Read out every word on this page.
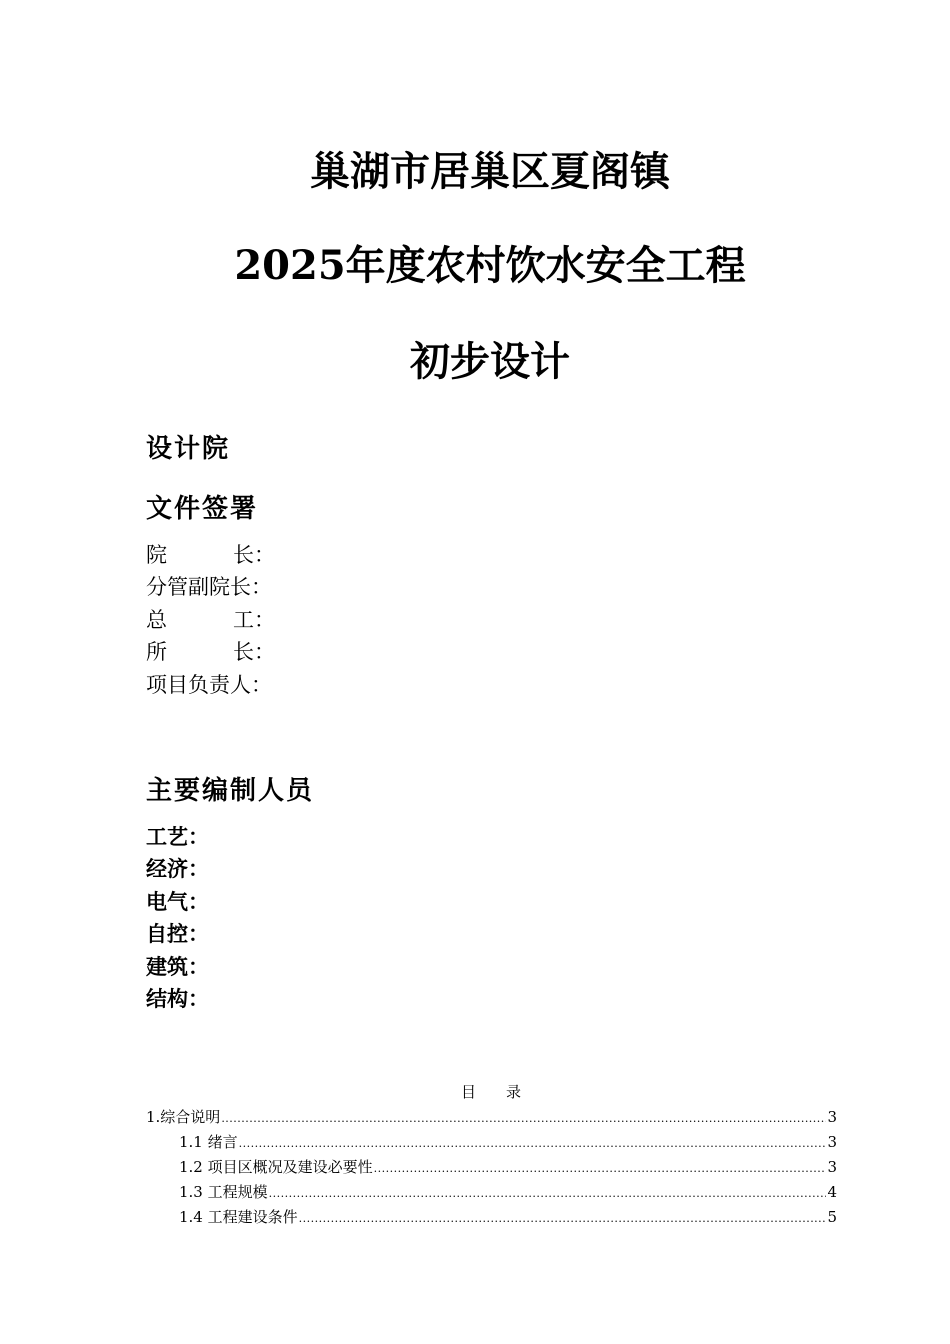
巢湖市居巢区夏阁镇
2025年度农村饮水安全工程
初步设计
设计院
文件签署
院	长：
分管副院长：
总	工：
所	长：
项目负责人：
主要编制人员
工艺：
经济：
电气：
自控：
建筑：
结构：
目 录
1.综合说明 .....	3
1.1 绪言 .....	3
1.2 项目区概况及建设必要性 .....	3
1.3 工程规模 .....	4
1.4 工程建设条件 .....	5
